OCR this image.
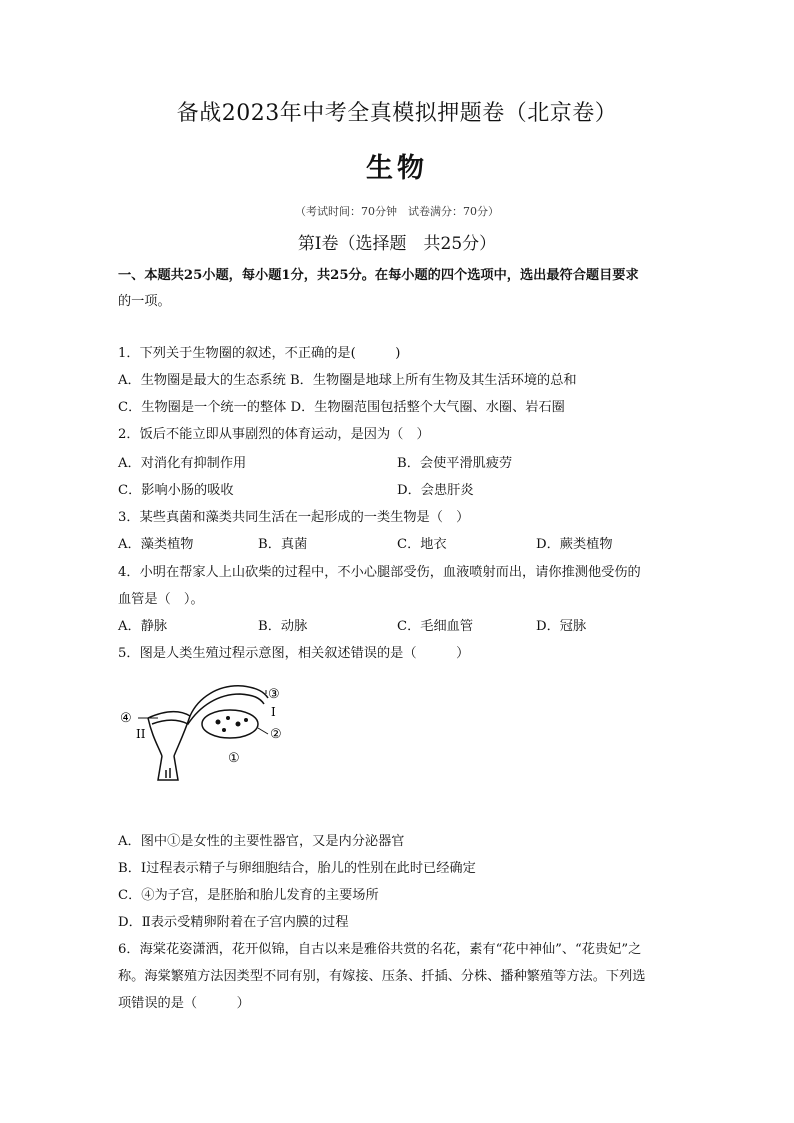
备战2023年中考全真模拟押题卷（北京卷）
生物
（考试时间：70分钟　试卷满分：70分）
第Ⅰ卷（选择题　共25分）
一、本题共25小题，每小题1分，共25分。在每小题的四个选项中，选出最符合题目要求
的一项。
1．下列关于生物圈的叙述，不正确的是(　　　)
A．生物圈是最大的生态系统 B．生物圈是地球上所有生物及其生活环境的总和
C．生物圈是一个统一的整体 D．生物圈范围包括整个大气圈、水圈、岩石圈
2．饭后不能立即从事剧烈的体育运动，是因为（　）
A．对消化有抑制作用	B．会使平滑肌疲劳
C．影响小肠的吸收	D．会患肝炎
3．某些真菌和藻类共同生活在一起形成的一类生物是（　）
A．藻类植物	B．真菌	C．地衣	D．蕨类植物
4．小明在帮家人上山砍柴的过程中，不小心腿部受伤，血液喷射而出，请你推测他受伤的
血管是（　）。
A．静脉	B．动脉	C．毛细血管	D．冠脉
5．图是人类生殖过程示意图，相关叙述错误的是（　　　）
④
II
③
I
②
①
A．图中①是女性的主要性器官，又是内分泌器官
B．Ⅰ过程表示精子与卵细胞结合，胎儿的性别在此时已经确定
C．④为子宫，是胚胎和胎儿发育的主要场所
D．Ⅱ表示受精卵附着在子宫内膜的过程
6．海棠花姿潇洒，花开似锦，自古以来是雅俗共赏的名花，素有“花中神仙”、“花贵妃”之
称。海棠繁殖方法因类型不同有别，有嫁接、压条、扦插、分株、播种繁殖等方法。下列选
项错误的是（　　　）
